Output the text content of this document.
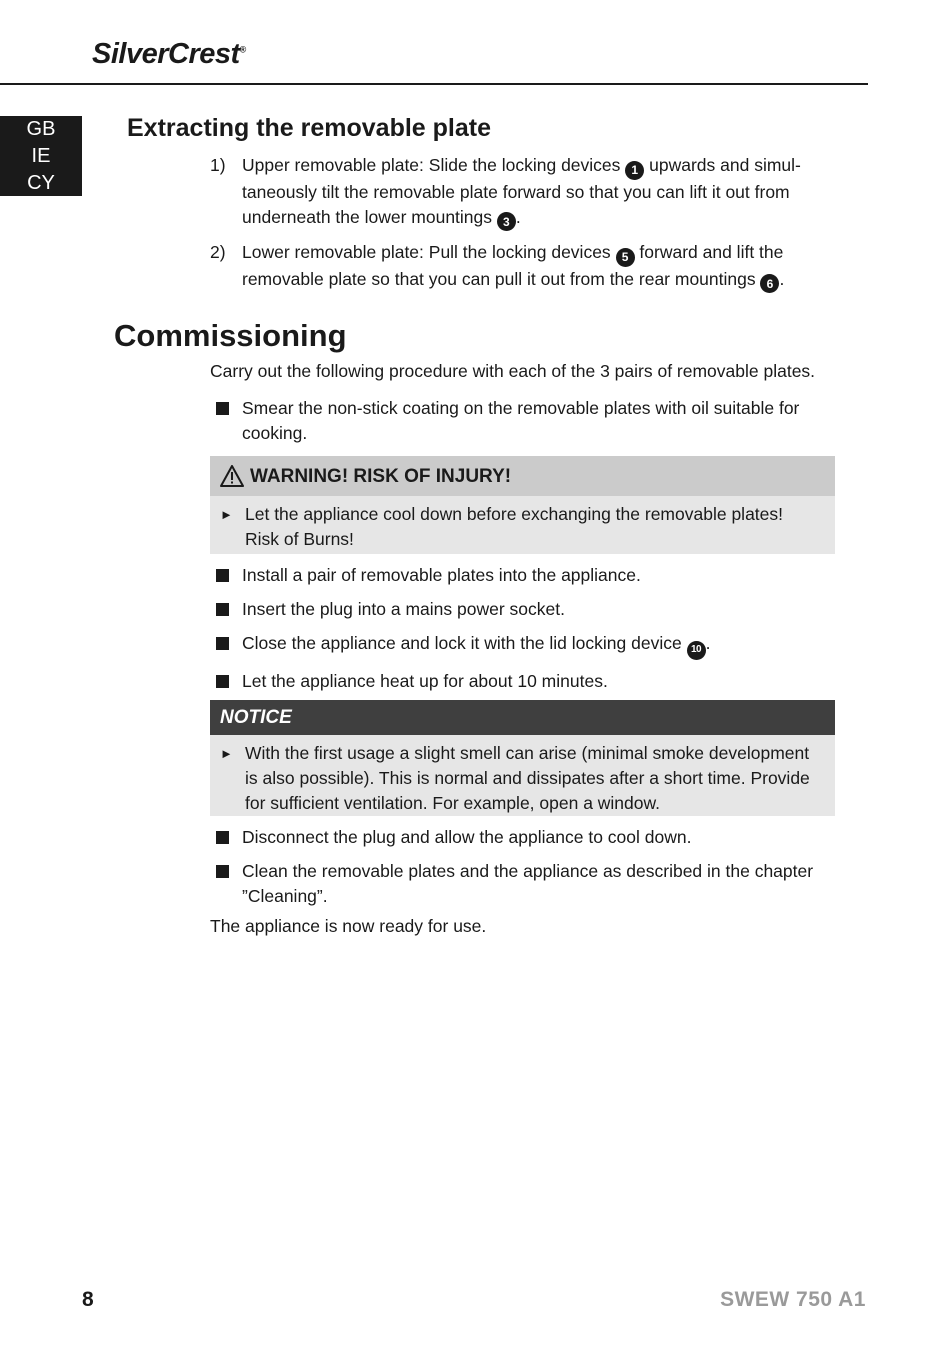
SilverCrest®
GB
IE
CY
Extracting the removable plate
1) Upper removable plate: Slide the locking devices 1 upwards and simul-taneously tilt the removable plate forward so that you can lift it out from underneath the lower mountings 3 .
2) Lower removable plate: Pull the locking devices 5 forward and lift the removable plate so that you can pull it out from the rear mountings 6 .
Commissioning
Carry out the following procedure with each of the 3 pairs of removable plates.
Smear the non-stick coating on the removable plates with oil suitable for cooking.
WARNING! RISK OF INJURY!
► Let the appliance cool down before exchanging the removable plates!
Risk of Burns!
Install a pair of removable plates into the appliance.
Insert the plug into a mains power socket.
Close the appliance and lock it with the lid locking device 10 .
Let the appliance heat up for about 10 minutes.
NOTICE
► With the first usage a slight smell can arise (minimal smoke development is also possible). This is normal and dissipates after a short time. Provide for sufficient ventilation. For example, open a window.
Disconnect the plug and allow the appliance to cool down.
Clean the removable plates and the appliance as described in the chapter ”Cleaning”.
The appliance is now ready for use.
8	SWEW 750 A1
